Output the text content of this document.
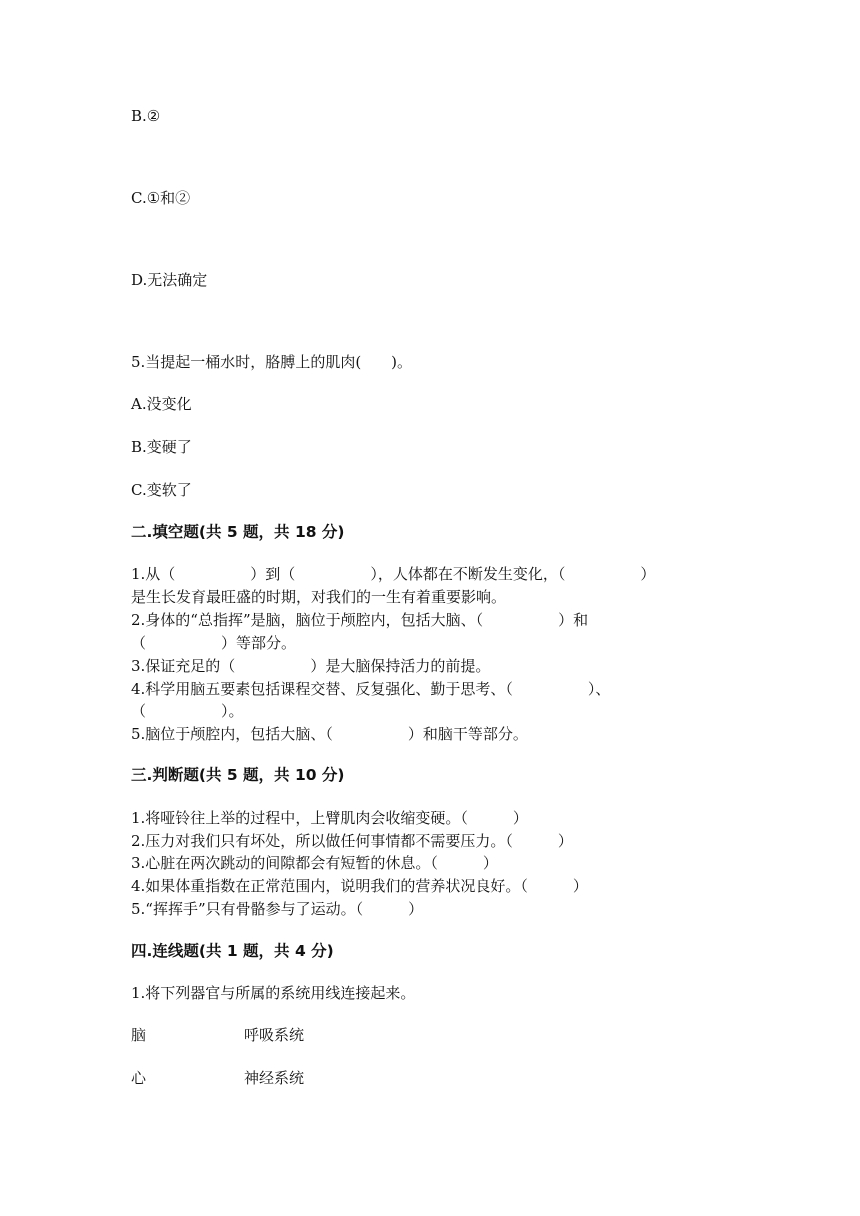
B.②
C.①和②
D.无法确定
5.当提起一桶水时，胳膊上的肌肉(　　)。
A.没变化
B.变硬了
C.变软了
二.填空题(共 5 题，共 18 分)
1.从（　　　　　）到（　　　　　），人体都在不断发生变化，（　　　　　）
是生长发育最旺盛的时期，对我们的一生有着重要影响。
2.身体的“总指挥”是脑，脑位于颅腔内，包括大脑、（　　　　　）和
（　　　　　）等部分。
3.保证充足的（　　　　　）是大脑保持活力的前提。
4.科学用脑五要素包括课程交替、反复强化、勤于思考、（　　　　　）、
（　　　　　）。
5.脑位于颅腔内，包括大脑、（　　　　　）和脑干等部分。
三.判断题(共 5 题，共 10 分)
1.将哑铃往上举的过程中，上臂肌肉会收缩变硬。（　　　）
2.压力对我们只有坏处，所以做任何事情都不需要压力。（　　　）
3.心脏在两次跳动的间隙都会有短暂的休息。（　　　）
4.如果体重指数在正常范围内，说明我们的营养状况良好。（　　　）
5.“挥挥手”只有骨骼参与了运动。（　　　）
四.连线题(共 1 题，共 4 分)
1.将下列器官与所属的系统用线连接起来。
脑	呼吸系统
心	神经系统
